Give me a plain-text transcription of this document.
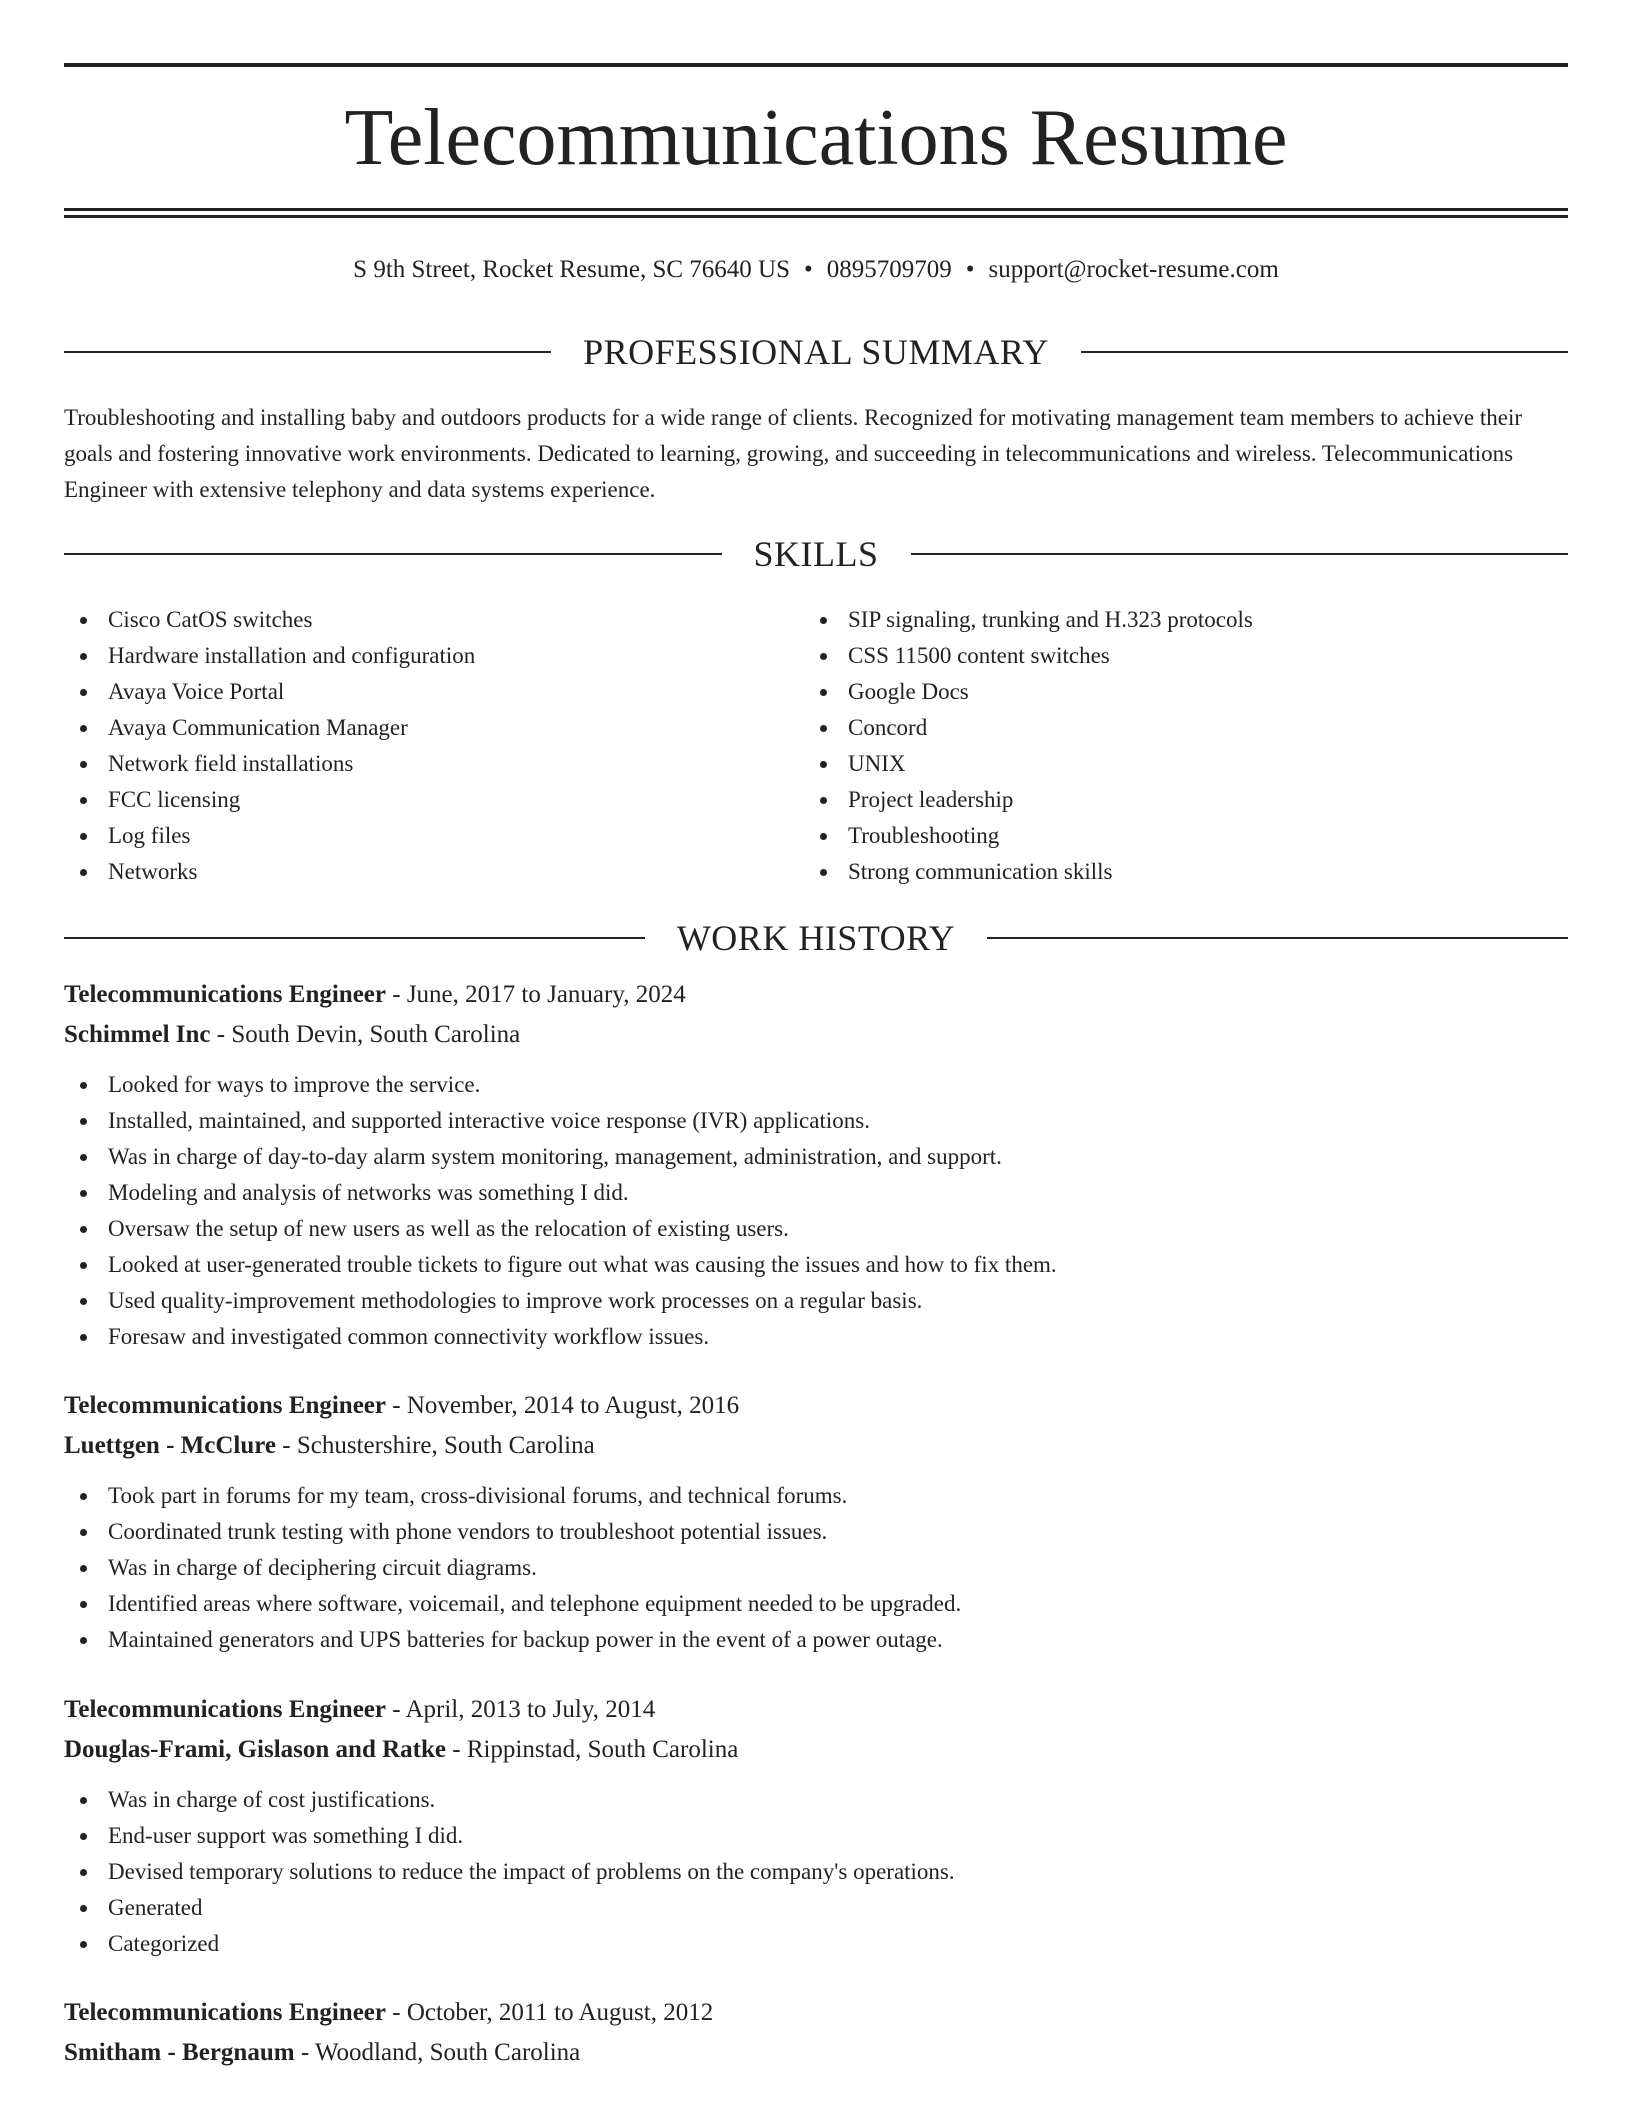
Telecommunications Resume
S 9th Street, Rocket Resume, SC 76640 US • 0895709709 • support@rocket-resume.com
PROFESSIONAL SUMMARY

Troubleshooting and installing baby and outdoors products for a wide range of clients. Recognized for motivating management team members to achieve their goals and fostering innovative work environments. Dedicated to learning, growing, and succeeding in telecommunications and wireless. Telecommunications Engineer with extensive telephony and data systems experience.

SKILLS
Cisco CatOS switches
Hardware installation and configuration
Avaya Voice Portal
Avaya Communication Manager
Network field installations
FCC licensing
Log files
Networks
SIP signaling, trunking and H.323 protocols
CSS 11500 content switches
Google Docs
Concord
UNIX
Project leadership
Troubleshooting
Strong communication skills
WORK HISTORY
Telecommunications Engineer - June, 2017 to January, 2024
Schimmel Inc - South Devin, South Carolina
Looked for ways to improve the service.
Installed, maintained, and supported interactive voice response (IVR) applications.
Was in charge of day-to-day alarm system monitoring, management, administration, and support.
Modeling and analysis of networks was something I did.
Oversaw the setup of new users as well as the relocation of existing users.
Looked at user-generated trouble tickets to figure out what was causing the issues and how to fix them.
Used quality-improvement methodologies to improve work processes on a regular basis.
Foresaw and investigated common connectivity workflow issues.
Telecommunications Engineer - November, 2014 to August, 2016
Luettgen - McClure - Schustershire, South Carolina
Took part in forums for my team, cross-divisional forums, and technical forums.
Coordinated trunk testing with phone vendors to troubleshoot potential issues.
Was in charge of deciphering circuit diagrams.
Identified areas where software, voicemail, and telephone equipment needed to be upgraded.
Maintained generators and UPS batteries for backup power in the event of a power outage.
Telecommunications Engineer - April, 2013 to July, 2014
Douglas-Frami, Gislason and Ratke - Rippinstad, South Carolina
Was in charge of cost justifications.
End-user support was something I did.
Devised temporary solutions to reduce the impact of problems on the company's operations.
Generated
Categorized
Telecommunications Engineer - October, 2011 to August, 2012
Smitham - Bergnaum - Woodland, South Carolina
